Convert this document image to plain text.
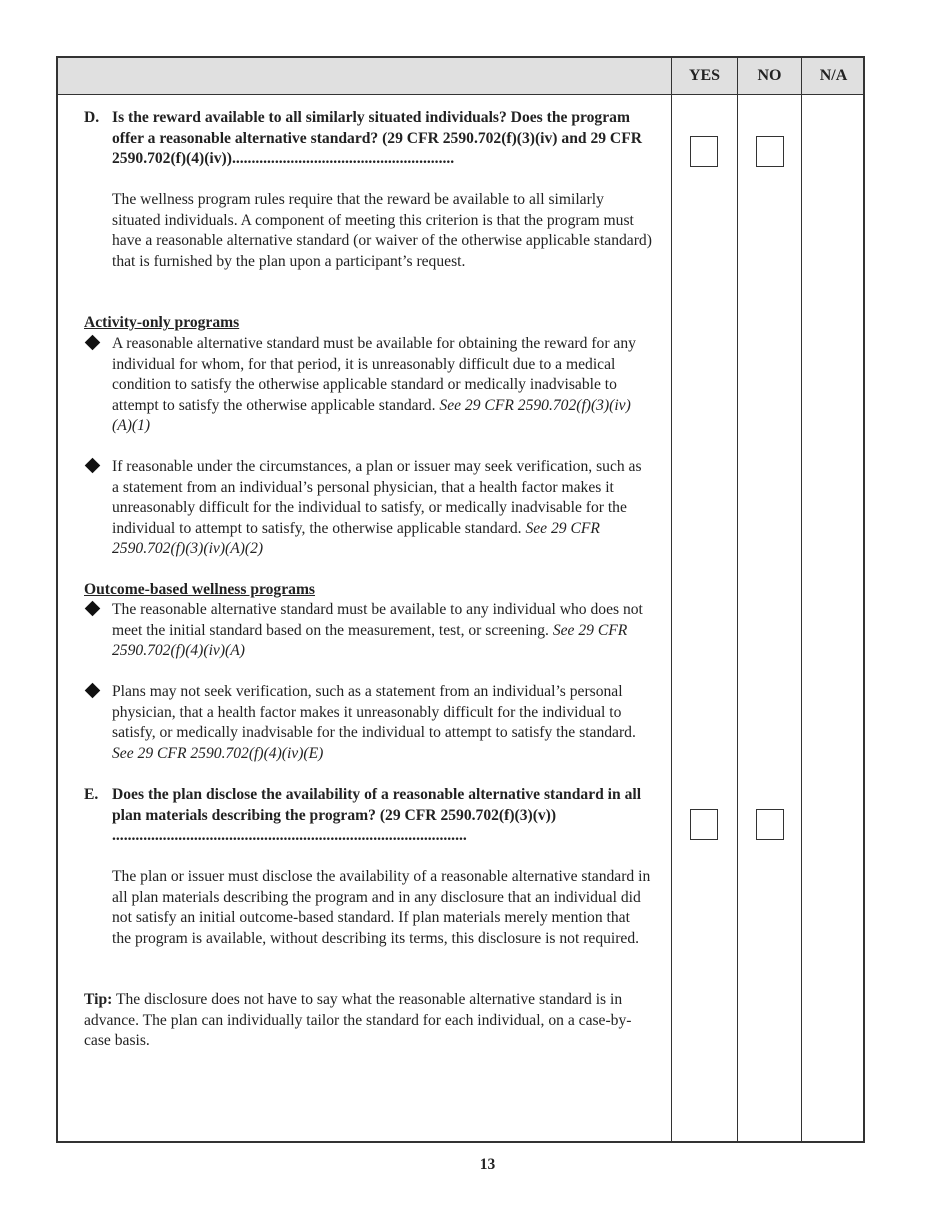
YES	NO	N/A
D. Is the reward available to all similarly situated individuals? Does the program offer a reasonable alternative standard? (29 CFR 2590.702(f)(3)(iv) and 29 CFR 2590.702(f)(4)(iv)).........................................................
The wellness program rules require that the reward be available to all similarly situated individuals. A component of meeting this criterion is that the program must have a reasonable alternative standard (or waiver of the otherwise applicable standard) that is furnished by the plan upon a participant’s request.
Activity-only programs
A reasonable alternative standard must be available for obtaining the reward for any individual for whom, for that period, it is unreasonably difficult due to a medical condition to satisfy the otherwise applicable standard or medically inadvisable to attempt to satisfy the otherwise applicable standard. See 29 CFR 2590.702(f)(3)(iv)(A)(1)
If reasonable under the circumstances, a plan or issuer may seek verification, such as a statement from an individual’s personal physician, that a health factor makes it unreasonably difficult for the individual to satisfy, or medically inadvisable for the individual to attempt to satisfy, the otherwise applicable standard. See 29 CFR 2590.702(f)(3)(iv)(A)(2)
Outcome-based wellness programs
The reasonable alternative standard must be available to any individual who does not meet the initial standard based on the measurement, test, or screening. See 29 CFR 2590.702(f)(4)(iv)(A)
Plans may not seek verification, such as a statement from an individual’s personal physician, that a health factor makes it unreasonably difficult for the individual to satisfy, or medically inadvisable for the individual to attempt to satisfy the standard. See 29 CFR 2590.702(f)(4)(iv)(E)
E. Does the plan disclose the availability of a reasonable alternative standard in all plan materials describing the program? (29 CFR 2590.702(f)(3)(v)) ...........................................................................................
The plan or issuer must disclose the availability of a reasonable alternative standard in all plan materials describing the program and in any disclosure that an individual did not satisfy an initial outcome-based standard. If plan materials merely mention that the program is available, without describing its terms, this disclosure is not required.
Tip: The disclosure does not have to say what the reasonable alternative standard is in advance. The plan can individually tailor the standard for each individual, on a case-by-case basis.
13
